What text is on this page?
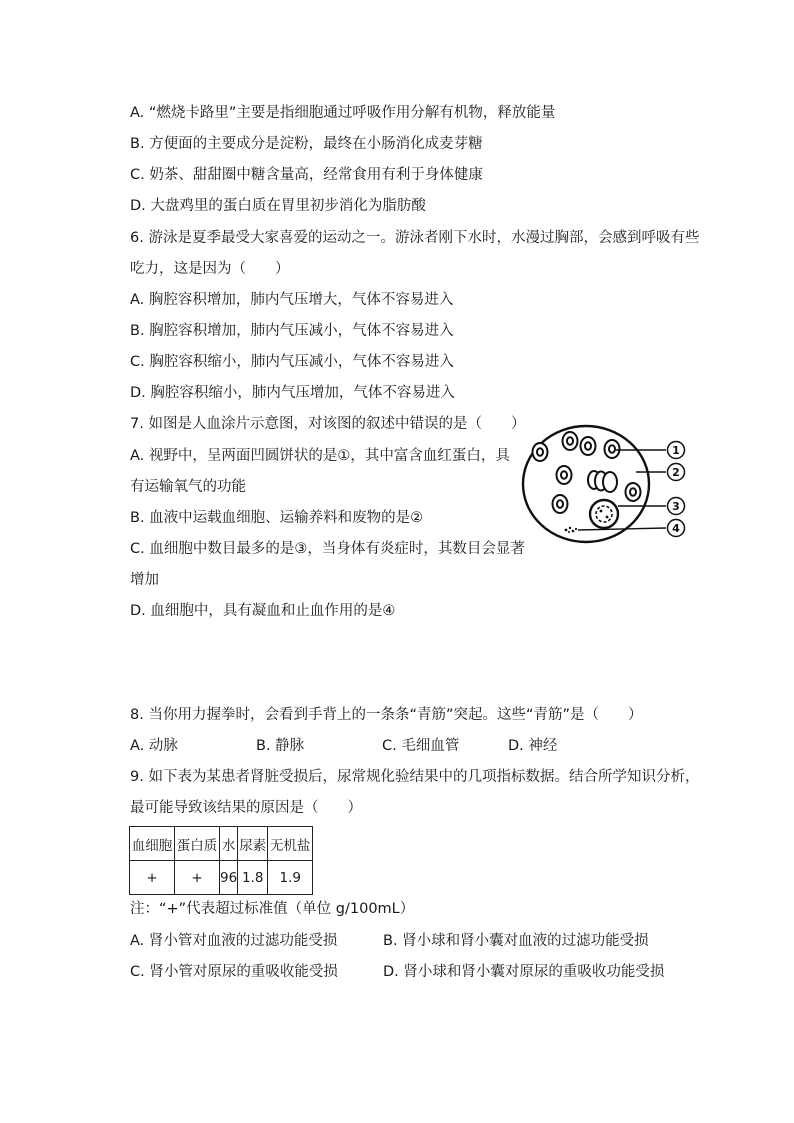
A. “燃烧卡路里”主要是指细胞通过呼吸作用分解有机物，释放能量
B. 方便面的主要成分是淀粉，最终在小肠消化成麦芽糖
C. 奶茶、甜甜圈中糖含量高，经常食用有利于身体健康
D. 大盘鸡里的蛋白质在胃里初步消化为脂肪酸
6. 游泳是夏季最受大家喜爱的运动之一。游泳者刚下水时，水漫过胸部，会感到呼吸有些
吃力，这是因为（　　）
A. 胸腔容积增加，肺内气压增大，气体不容易进入
B. 胸腔容积增加，肺内气压减小，气体不容易进入
C. 胸腔容积缩小，肺内气压减小，气体不容易进入
D. 胸腔容积缩小，肺内气压增加，气体不容易进入
7. 如图是人血涂片示意图，对该图的叙述中错误的是（　　）
A. 视野中，呈两面凹圆饼状的是①，其中富含血红蛋白，具
有运输氧气的功能
B. 血液中运载血细胞、运输养料和废物的是②
C. 血细胞中数目最多的是③，当身体有炎症时，其数目会显著
增加
D. 血细胞中，具有凝血和止血作用的是④
1
2
3
4
8. 当你用力握拳时，会看到手背上的一条条“青筋”突起。这些“青筋”是（　　）
A. 动脉	B. 静脉	C. 毛细血管	D. 神经
9. 如下表为某患者肾脏受损后，尿常规化验结果中的几项指标数据。结合所学知识分析，
最可能导致该结果的原因是（　　）
血细胞	蛋白质	水	尿素	无机盐
+	+	96	1.8	1.9
注：“+”代表超过标准值（单位 g/100mL）
A. 肾小管对血液的过滤功能受损	B. 肾小球和肾小囊对血液的过滤功能受损
C. 肾小管对原尿的重吸收能受损	D. 肾小球和肾小囊对原尿的重吸收功能受损
